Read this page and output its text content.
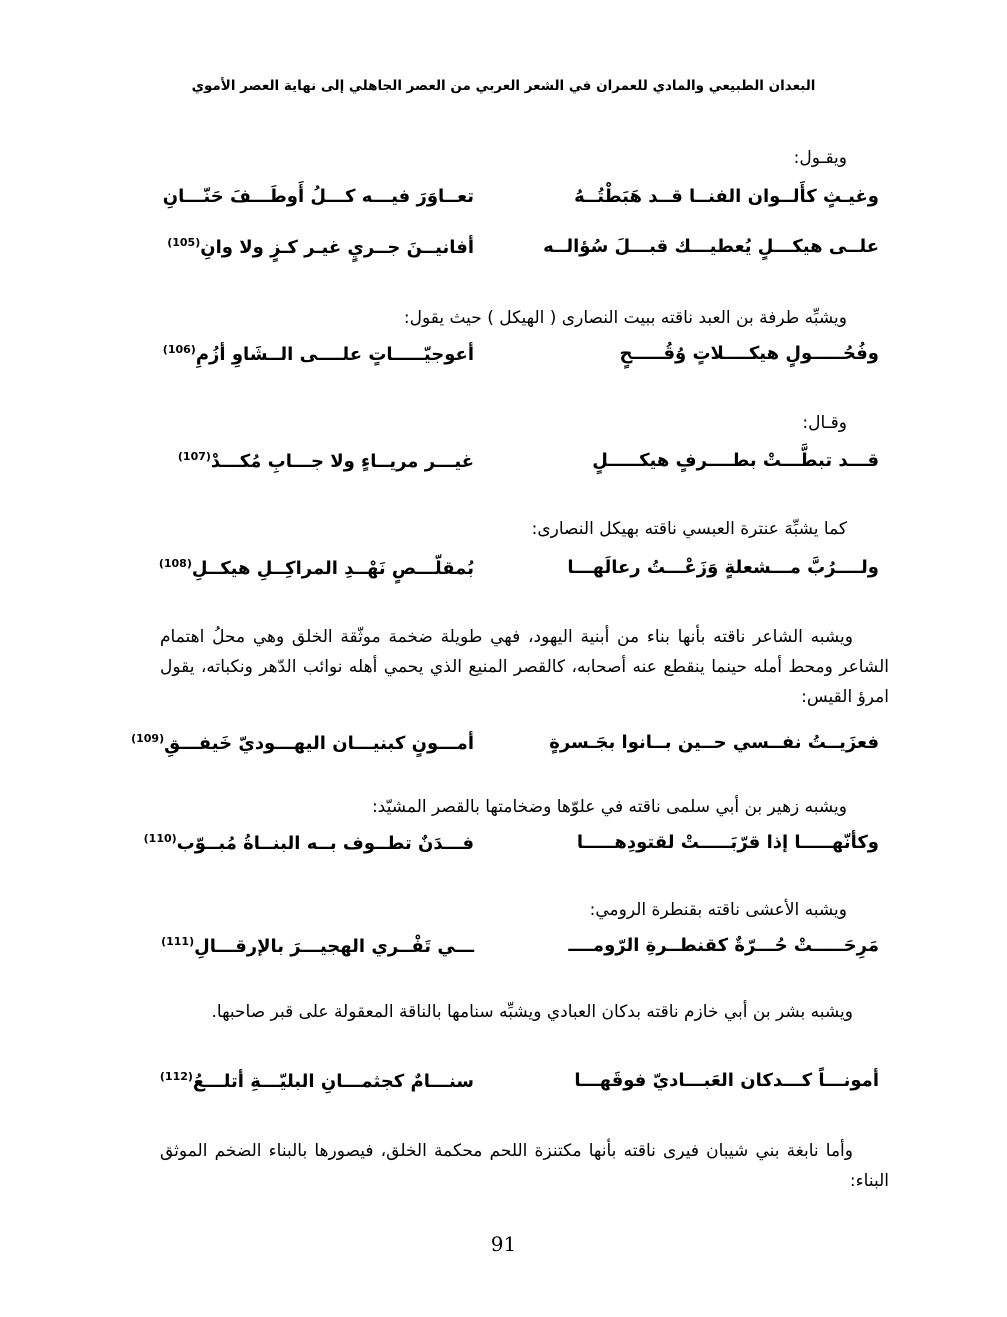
البعدان الطبيعي والمادي للعمران في الشعر العربي من العصر الجاهلي إلى نهاية العصر الأموي
ويقـول:
وغيـثٍ كأَلــوان الفنــا قــد هَبَطْتُــهُ
تعــاوَرَ فيـــه كـــلُ أَوطَـــفَ حَنّـــانِ
علــى هيكـــلٍ يُعطيـــك قبـــلَ سُؤالــه
أفانيــنَ جــريٍ غيـر كـزٍ ولا وانِ$^{(105)}$
ويشبِّه طرفة بن العبد ناقته ببيت النصارى ( الهيكل ) حيث يقول:
وفُحُـــــولٍ هيكــــلاتٍ وُقُـــــحٍ
أعوجيّـــــاتٍ علــــى الــشَاوِ أزُمِ$^{(106)}$
وقـال:
قـــد تبطَّـــتْ بطــــرفٍ هيكـــــلٍ
غيـــر مريــاءٍ ولا جـــابِ مُكـــدْ$^{(107)}$
كما يشبِّهَ عنترة العبسي ناقته بهيكل النصارى:
ولــــرُبَّ مـــشعلةٍ وَزَعْـــتُ رعالَهـــا
بُمقلّـــصٍ نَهْــدِ المراكِــلِ هيكــلِ$^{(108)}$
ويشبه الشاعر ناقته بأنها بناء من أبنية اليهود، فهي طويلة ضخمة موثّقة الخلق وهي محلُ اهتمام الشاعر ومحط أمله حينما ينقطع عنه أصحابه، كالقصر المنيع الذي يحمي أهله نوائب الدّهر ونكباته، يقول امرؤ القيس:
فعزَيــتُ نفــسي حــين بــانوا بجَـسرةٍ
أمـــونٍ كبنيـــان اليهـــوديّ خَيفـــقِ$^{(109)}$
ويشبه زهير بن أبي سلمى ناقته في علوّها وضخامتها بالقصر المشيّد:
وكأنّهـــــا إذا قرّبَـــــتْ لقتودِهـــــا
فـــدَنٌ تطــوف بــه البنــاةُ مُبــوّب$^{(110)}$
ويشبه الأعشى ناقته بقنطرة الرومي:
مَرِحَـــــتْ حُـــرّةٌ كقنطــرةِ الرّومــــ
ـــي تَفْــري الهجيـــرَ بالإرقـــالِ$^{(111)}$
ويشبه بشر بن أبي خازم ناقته بدكان العبادي ويشبِّه سنامها بالناقة المعقولة على قبر صاحبها.
أمونـــاً كـــدكان العَبـــاديّ فوقَهـــا
سنـــامٌ كجثمـــانِ البليّـــةِ أتلـــعُ$^{(112)}$
وأما نابغة بني شيبان فيرى ناقته بأنها مكتنزة اللحم محكمة الخلق، فيصورها بالبناء الضخم الموثق البناء:
91
